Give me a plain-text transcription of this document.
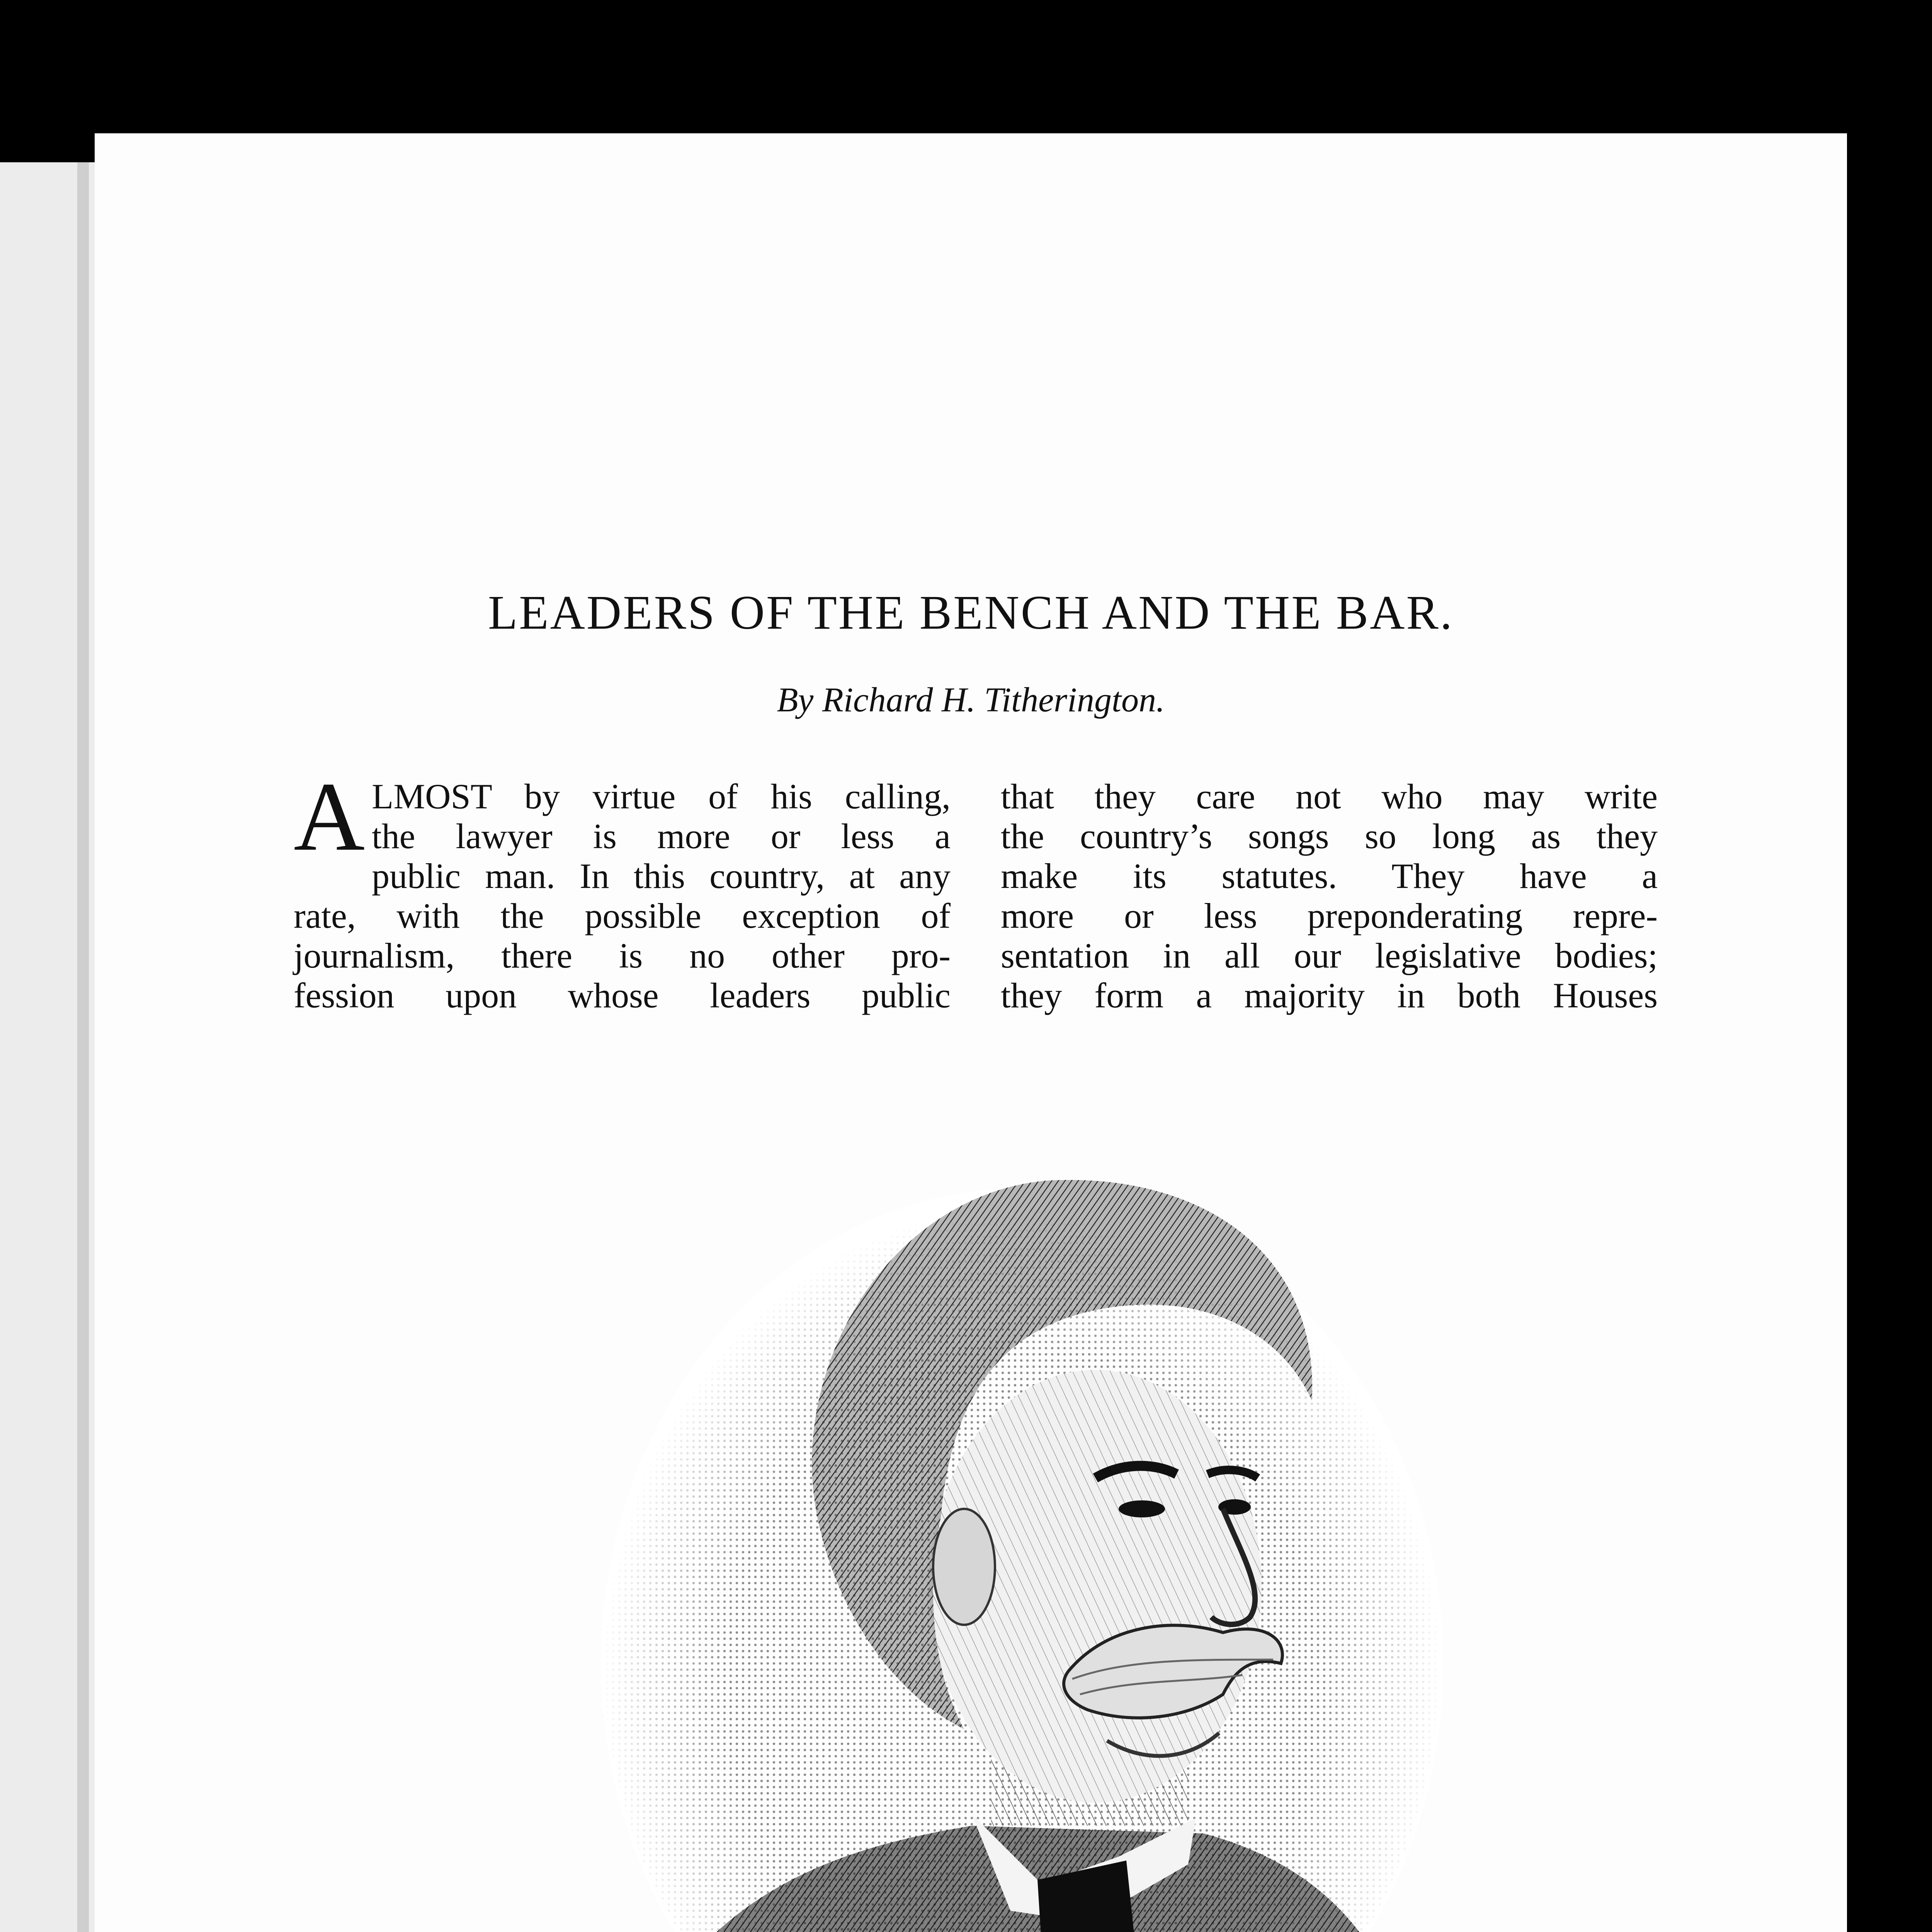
LEADERS OF THE BENCH AND THE BAR.
By Richard H. Titherington.
A LMOST by virtue of his calling,
the lawyer is more or less a
public man. In this country, at any
rate, with the possible exception of
journalism, there is no other pro-
fession upon whose leaders public
that they care not who may write
the country’s songs so long as they
make its statutes. They have a
more or less preponderating repre-
sentation in all our legislative bodies;
they form a majority in both Houses
